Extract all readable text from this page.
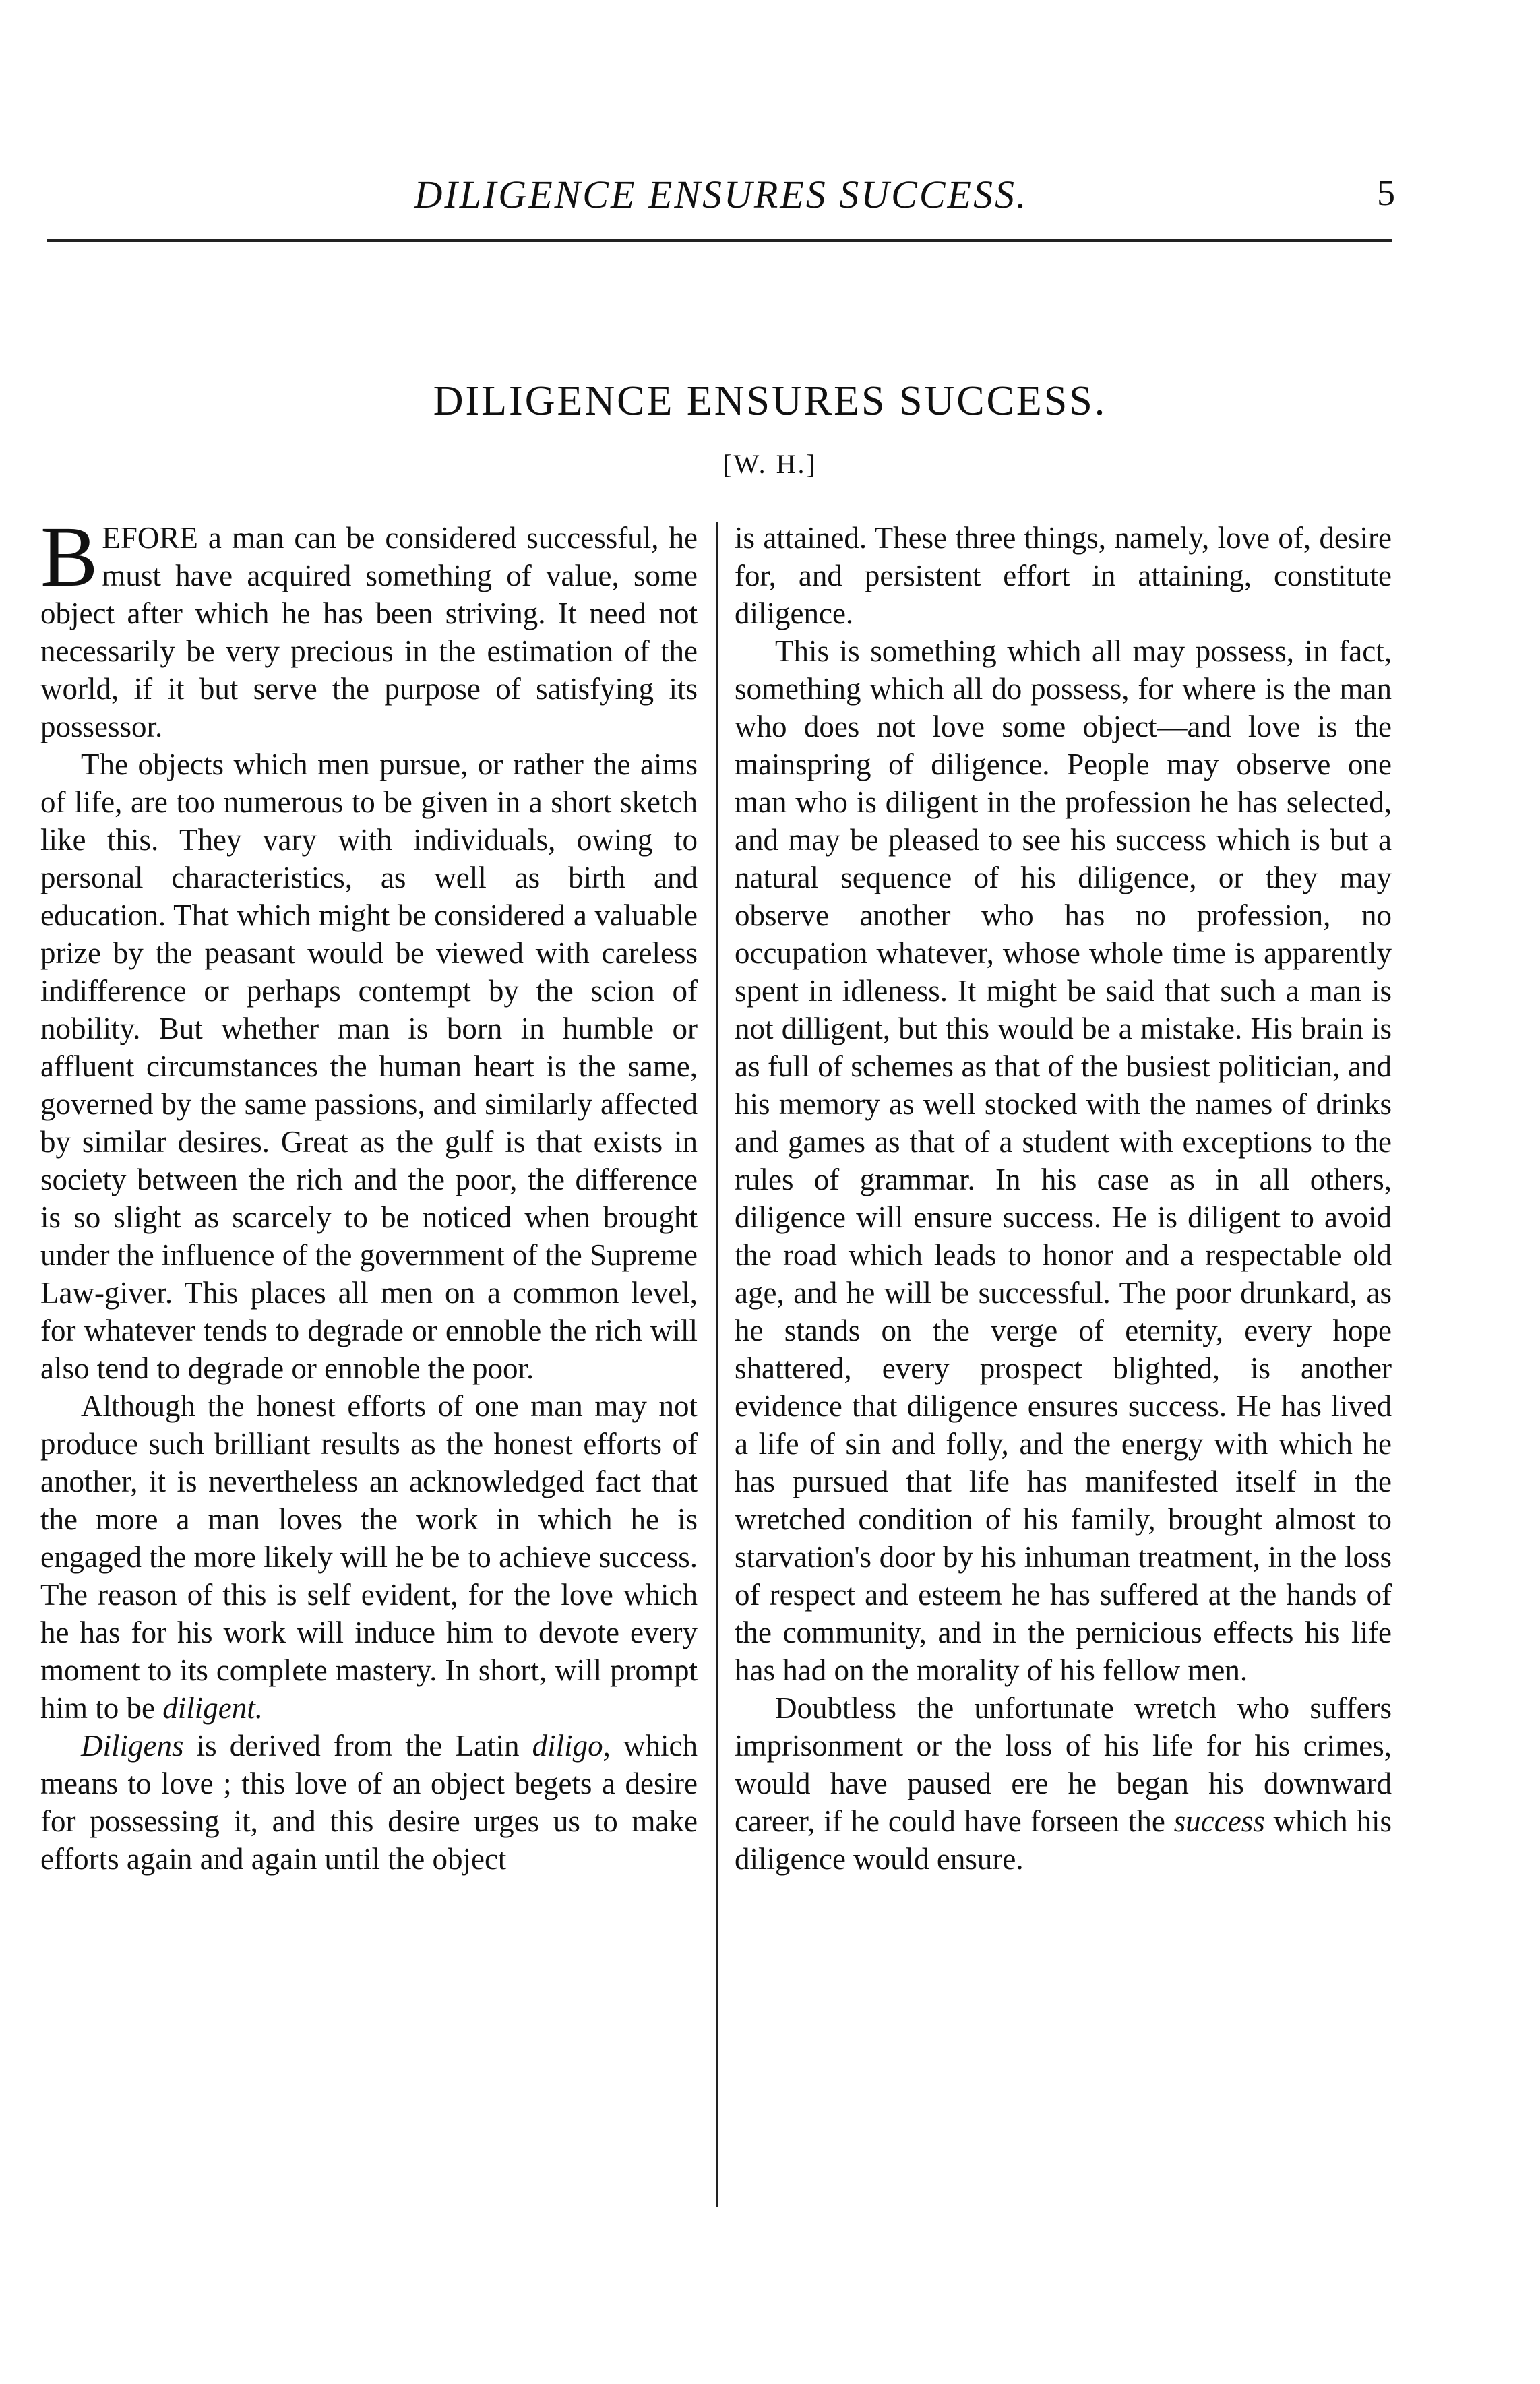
DILIGENCE ENSURES SUCCESS.	5
DILIGENCE ENSURES SUCCESS.
[W. H.]

BEFORE a man can be considered successful, he must have acquired something of value, some object after which he has been striving. It need not necessarily be very precious in the estimation of the world, if it but serve the purpose of satisfying its possessor.

The objects which men pursue, or rather the aims of life, are too numerous to be given in a short sketch like this. They vary with individuals, owing to personal characteristics, as well as birth and education. That which might be considered a valuable prize by the peasant would be viewed with careless indifference or perhaps contempt by the scion of nobility. But whether man is born in humble or affluent circumstances the human heart is the same, governed by the same passions, and similarly affected by similar desires. Great as the gulf is that exists in society between the rich and the poor, the difference is so slight as scarcely to be noticed when brought under the influence of the government of the Supreme Law-giver. This places all men on a common level, for whatever tends to degrade or ennoble the rich will also tend to degrade or ennoble the poor.

Although the honest efforts of one man may not produce such brilliant results as the honest efforts of another, it is nevertheless an acknowledged fact that the more a man loves the work in which he is engaged the more likely will he be to achieve success. The reason of this is self evident, for the love which he has for his work will induce him to devote every moment to its complete mastery. In short, will prompt him to be diligent.

Diligens is derived from the Latin diligo, which means to love ; this love of an object begets a desire for possessing it, and this desire urges us to make efforts again and again until the object

is attained. These three things, namely, love of, desire for, and persistent effort in attaining, constitute diligence.

This is something which all may possess, in fact, something which all do possess, for where is the man who does not love some object—and love is the mainspring of diligence. People may observe one man who is diligent in the profession he has selected, and may be pleased to see his success which is but a natural sequence of his diligence, or they may observe another who has no profession, no occupation whatever, whose whole time is apparently spent in idleness. It might be said that such a man is not dilligent, but this would be a mistake. His brain is as full of schemes as that of the busiest politician, and his memory as well stocked with the names of drinks and games as that of a student with exceptions to the rules of grammar. In his case as in all others, diligence will ensure success. He is diligent to avoid the road which leads to honor and a respectable old age, and he will be successful. The poor drunkard, as he stands on the verge of eternity, every hope shattered, every prospect blighted, is another evidence that diligence ensures success. He has lived a life of sin and folly, and the energy with which he has pursued that life has manifested itself in the wretched condition of his family, brought almost to starvation's door by his inhuman treatment, in the loss of respect and esteem he has suffered at the hands of the community, and in the pernicious effects his life has had on the morality of his fellow men.

Doubtless the unfortunate wretch who suffers imprisonment or the loss of his life for his crimes, would have paused ere he began his downward career, if he could have forseen the success which his diligence would ensure.
